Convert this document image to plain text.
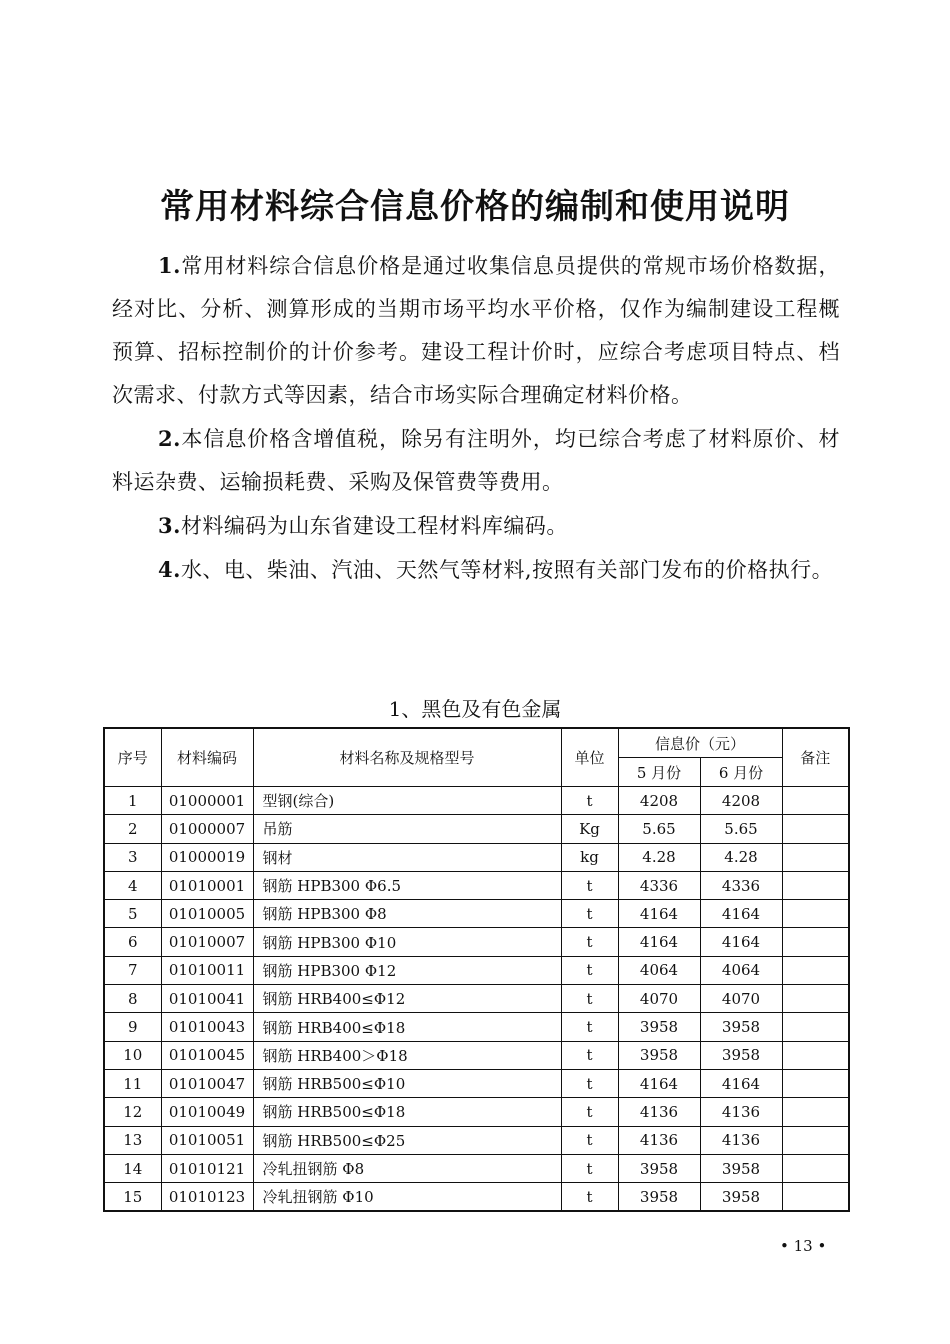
常用材料综合信息价格的编制和使用说明

1.常用材料综合信息价格是通过收集信息员提供的常规市场价格数据，经对比、分析、测算形成的当期市场平均水平价格，仅作为编制建设工程概预算、招标控制价的计价参考。建设工程计价时，应综合考虑项目特点、档次需求、付款方式等因素，结合市场实际合理确定材料价格。

2.本信息价格含增值税，除另有注明外，均已综合考虑了材料原价、材料运杂费、运输损耗费、采购及保管费等费用。

3.材料编码为山东省建设工程材料库编码。

4.水、电、柴油、汽油、天然气等材料,按照有关部门发布的价格执行。

1、黑色及有色金属
序号	材料编码	材料名称及规格型号	单位	信息价（元）		备注
				5 月份	6 月份	
1	01000001	型钢(综合)	t	4208	4208	
2	01000007	吊筋	Kg	5.65	5.65	
3	01000019	钢材	kg	4.28	4.28	
4	01010001	钢筋 HPB300 Φ6.5	t	4336	4336	
5	01010005	钢筋 HPB300 Φ8	t	4164	4164	
6	01010007	钢筋 HPB300 Φ10	t	4164	4164	
7	01010011	钢筋 HPB300 Φ12	t	4064	4064	
8	01010041	钢筋 HRB400≤Φ12	t	4070	4070	
9	01010043	钢筋 HRB400≤Φ18	t	3958	3958	
10	01010045	钢筋 HRB400＞Φ18	t	3958	3958	
11	01010047	钢筋 HRB500≤Φ10	t	4164	4164	
12	01010049	钢筋 HRB500≤Φ18	t	4136	4136	
13	01010051	钢筋 HRB500≤Φ25	t	4136	4136	
14	01010121	冷轧扭钢筋 Φ8	t	3958	3958	
15	01010123	冷轧扭钢筋 Φ10	t	3958	3958	
• 13 •
